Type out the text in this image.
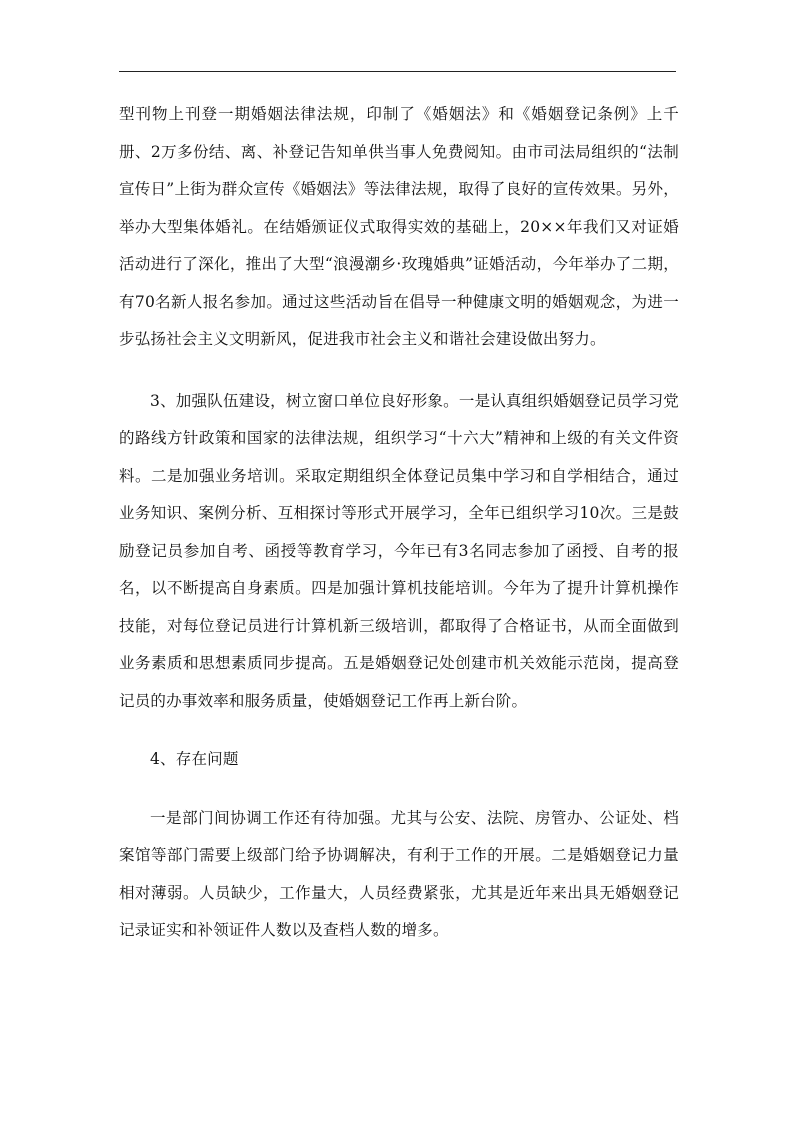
型刊物上刊登一期婚姻法律法规，印制了《婚姻法》和《婚姻登记条例》上千册、2万多份结、离、补登记告知单供当事人免费阅知。由市司法局组织的“法制宣传日”上街为群众宣传《婚姻法》等法律法规，取得了良好的宣传效果。另外，举办大型集体婚礼。在结婚颁证仪式取得实效的基础上，20××年我们又对证婚活动进行了深化，推出了大型“浪漫潮乡·玫瑰婚典”证婚活动，今年举办了二期，有70名新人报名参加。通过这些活动旨在倡导一种健康文明的婚姻观念，为进一步弘扬社会主义文明新风，促进我市社会主义和谐社会建设做出努力。

3、加强队伍建设，树立窗口单位良好形象。一是认真组织婚姻登记员学习党的路线方针政策和国家的法律法规，组织学习“十六大”精神和上级的有关文件资料。二是加强业务培训。采取定期组织全体登记员集中学习和自学相结合，通过业务知识、案例分析、互相探讨等形式开展学习，全年已组织学习10次。三是鼓励登记员参加自考、函授等教育学习，今年已有3名同志参加了函授、自考的报名，以不断提高自身素质。四是加强计算机技能培训。今年为了提升计算机操作技能，对每位登记员进行计算机新三级培训，都取得了合格证书，从而全面做到业务素质和思想素质同步提高。五是婚姻登记处创建市机关效能示范岗，提高登记员的办事效率和服务质量，使婚姻登记工作再上新台阶。

4、存在问题

一是部门间协调工作还有待加强。尤其与公安、法院、房管办、公证处、档案馆等部门需要上级部门给予协调解决，有利于工作的开展。二是婚姻登记力量相对薄弱。人员缺少，工作量大，人员经费紧张，尤其是近年来出具无婚姻登记记录证实和补领证件人数以及查档人数的增多。
